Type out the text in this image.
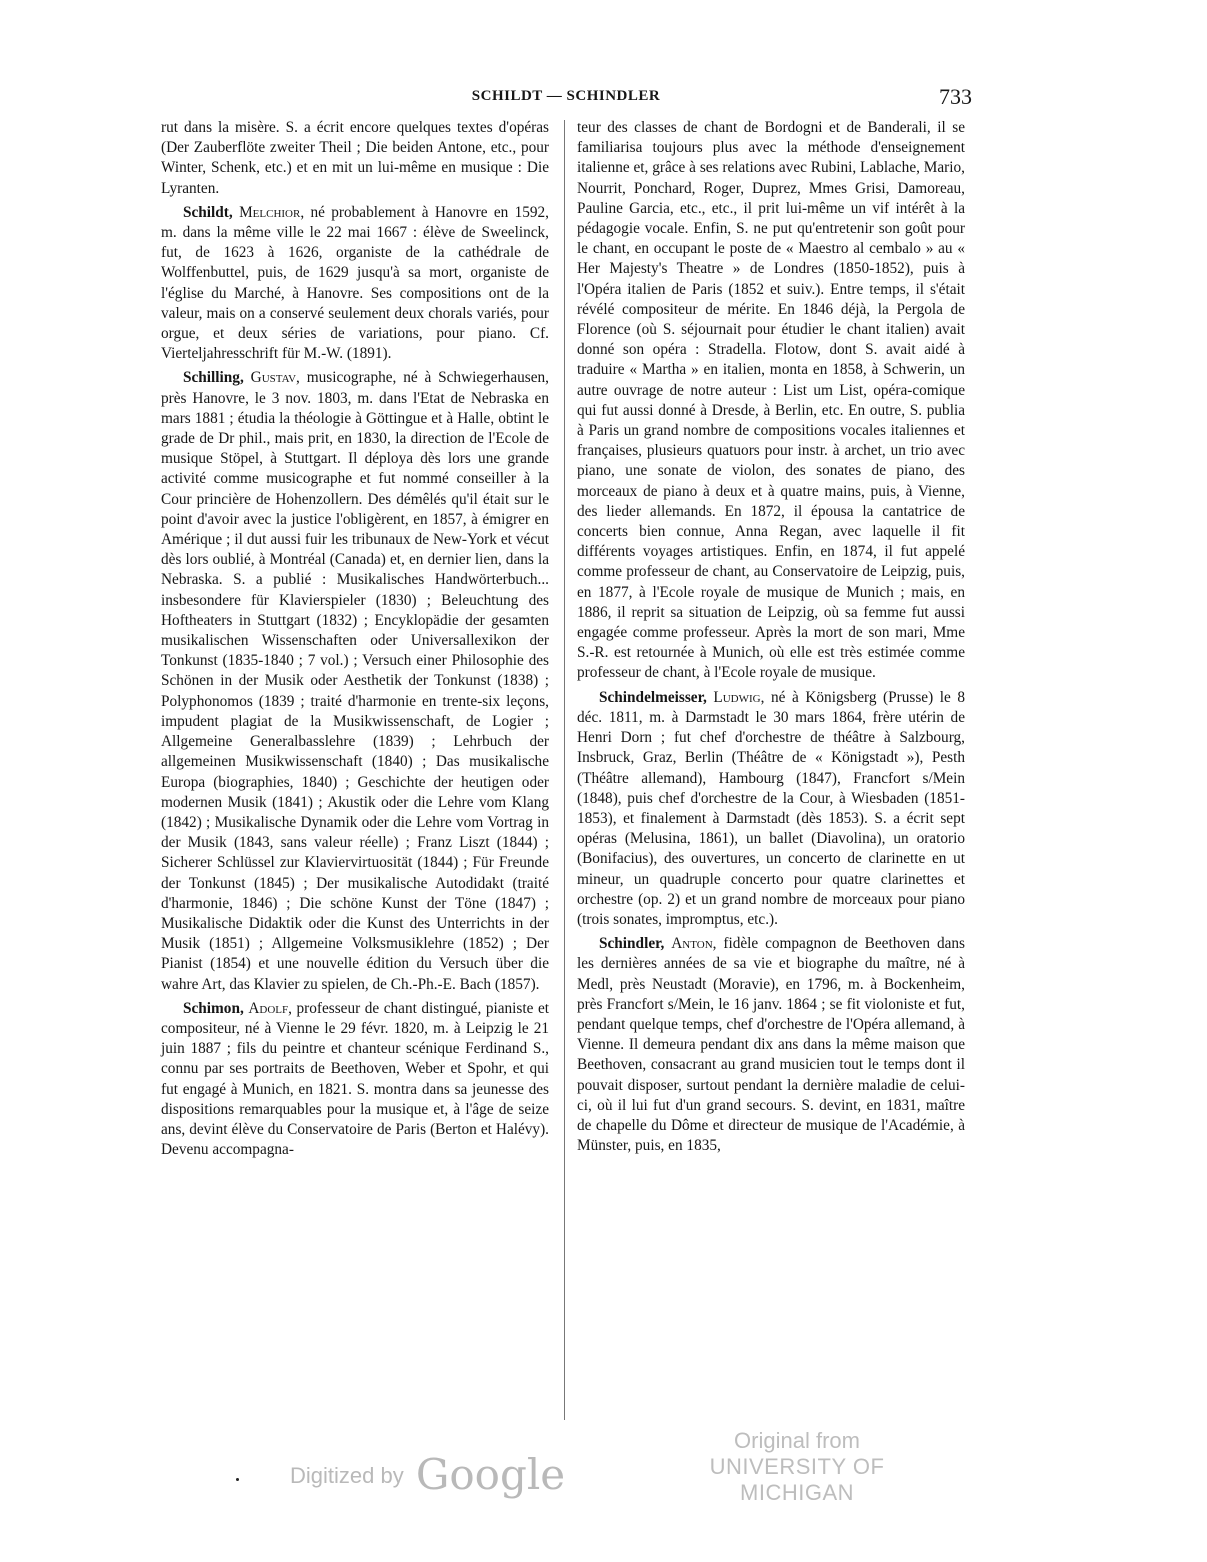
SCHILDT — SCHINDLER	733

rut dans la misère. S. a écrit encore quelques textes d'opéras (Der Zauberflöte zweiter Theil ; Die beiden Antone, etc., pour Winter, Schenk, etc.) et en mit un lui-même en musique : Die Lyranten.

Schildt, Melchior, né probablement à Hanovre en 1592, m. dans la même ville le 22 mai 1667 : élève de Sweelinck, fut, de 1623 à 1626, organiste de la cathédrale de Wolffenbuttel, puis, de 1629 jusqu'à sa mort, organiste de l'église du Marché, à Hanovre. Ses compositions ont de la valeur, mais on a conservé seulement deux chorals variés, pour orgue, et deux séries de variations, pour piano. Cf. Vierteljahresschrift für M.-W. (1891).

Schilling, Gustav, musicographe, né à Schwiegerhausen, près Hanovre, le 3 nov. 1803, m. dans l'Etat de Nebraska en mars 1881 ; étudia la théologie à Göttingue et à Halle, obtint le grade de Dr phil., mais prit, en 1830, la direction de l'Ecole de musique Stöpel, à Stuttgart. Il déploya dès lors une grande activité comme musicographe et fut nommé conseiller à la Cour princière de Hohenzollern. Des démêlés qu'il était sur le point d'avoir avec la justice l'obligèrent, en 1857, à émigrer en Amérique ; il dut aussi fuir les tribunaux de New-York et vécut dès lors oublié, à Montréal (Canada) et, en dernier lien, dans la Nebraska. S. a publié : Musikalisches Handwörterbuch... insbesondere für Klavierspieler (1830) ; Beleuchtung des Hoftheaters in Stuttgart (1832) ; Encyklopädie der gesamten musikalischen Wissenschaften oder Universallexikon der Tonkunst (1835-1840 ; 7 vol.) ; Versuch einer Philosophie des Schönen in der Musik oder Aesthetik der Tonkunst (1838) ; Polyphonomos (1839 ; traité d'harmonie en trente-six leçons, impudent plagiat de la Musikwissenschaft, de Logier ; Allgemeine Generalbasslehre (1839) ; Lehrbuch der allgemeinen Musikwissenschaft (1840) ; Das musikalische Europa (biographies, 1840) ; Geschichte der heutigen oder modernen Musik (1841) ; Akustik oder die Lehre vom Klang (1842) ; Musikalische Dynamik oder die Lehre vom Vortrag in der Musik (1843, sans valeur réelle) ; Franz Liszt (1844) ; Sicherer Schlüssel zur Klaviervirtuosität (1844) ; Für Freunde der Tonkunst (1845) ; Der musikalische Autodidakt (traité d'harmonie, 1846) ; Die schöne Kunst der Töne (1847) ; Musikalische Didaktik oder die Kunst des Unterrichts in der Musik (1851) ; Allgemeine Volksmusiklehre (1852) ; Der Pianist (1854) et une nouvelle édition du Versuch über die wahre Art, das Klavier zu spielen, de Ch.-Ph.-E. Bach (1857).

Schimon, Adolf, professeur de chant distingué, pianiste et compositeur, né à Vienne le 29 févr. 1820, m. à Leipzig le 21 juin 1887 ; fils du peintre et chanteur scénique Ferdinand S., connu par ses portraits de Beethoven, Weber et Spohr, et qui fut engagé à Munich, en 1821. S. montra dans sa jeunesse des dispositions remarquables pour la musique et, à l'âge de seize ans, devint élève du Conservatoire de Paris (Berton et Halévy). Devenu accompagna-

teur des classes de chant de Bordogni et de Banderali, il se familiarisa toujours plus avec la méthode d'enseignement italienne et, grâce à ses relations avec Rubini, Lablache, Mario, Nourrit, Ponchard, Roger, Duprez, Mmes Grisi, Damoreau, Pauline Garcia, etc., etc., il prit lui-même un vif intérêt à la pédagogie vocale. Enfin, S. ne put qu'entretenir son goût pour le chant, en occupant le poste de « Maestro al cembalo » au « Her Majesty's Theatre » de Londres (1850-1852), puis à l'Opéra italien de Paris (1852 et suiv.). Entre temps, il s'était révélé compositeur de mérite. En 1846 déjà, la Pergola de Florence (où S. séjournait pour étudier le chant italien) avait donné son opéra : Stradella. Flotow, dont S. avait aidé à traduire « Martha » en italien, monta en 1858, à Schwerin, un autre ouvrage de notre auteur : List um List, opéra-comique qui fut aussi donné à Dresde, à Berlin, etc. En outre, S. publia à Paris un grand nombre de compositions vocales italiennes et françaises, plusieurs quatuors pour instr. à archet, un trio avec piano, une sonate de violon, des sonates de piano, des morceaux de piano à deux et à quatre mains, puis, à Vienne, des lieder allemands. En 1872, il épousa la cantatrice de concerts bien connue, Anna Regan, avec laquelle il fit différents voyages artistiques. Enfin, en 1874, il fut appelé comme professeur de chant, au Conservatoire de Leipzig, puis, en 1877, à l'Ecole royale de musique de Munich ; mais, en 1886, il reprit sa situation de Leipzig, où sa femme fut aussi engagée comme professeur. Après la mort de son mari, Mme S.-R. est retournée à Munich, où elle est très estimée comme professeur de chant, à l'Ecole royale de musique.

Schindelmeisser, Ludwig, né à Königsberg (Prusse) le 8 déc. 1811, m. à Darmstadt le 30 mars 1864, frère utérin de Henri Dorn ; fut chef d'orchestre de théâtre à Salzbourg, Insbruck, Graz, Berlin (Théâtre de « Königstadt »), Pesth (Théâtre allemand), Hambourg (1847), Francfort s/Mein (1848), puis chef d'orchestre de la Cour, à Wiesbaden (1851-1853), et finalement à Darmstadt (dès 1853). S. a écrit sept opéras (Melusina, 1861), un ballet (Diavolina), un oratorio (Bonifacius), des ouvertures, un concerto de clarinette en ut mineur, un quadruple concerto pour quatre clarinettes et orchestre (op. 2) et un grand nombre de morceaux pour piano (trois sonates, impromptus, etc.).

Schindler, Anton, fidèle compagnon de Beethoven dans les dernières années de sa vie et biographe du maître, né à Medl, près Neustadt (Moravie), en 1796, m. à Bockenheim, près Francfort s/Mein, le 16 janv. 1864 ; se fit violoniste et fut, pendant quelque temps, chef d'orchestre de l'Opéra allemand, à Vienne. Il demeura pendant dix ans dans la même maison que Beethoven, consacrant au grand musicien tout le temps dont il pouvait disposer, surtout pendant la dernière maladie de celui-ci, où il lui fut d'un grand secours. S. devint, en 1831, maître de chapelle du Dôme et directeur de musique de l'Académie, à Münster, puis, en 1835,

Digitized by Google
Original from
UNIVERSITY OF MICHIGAN
